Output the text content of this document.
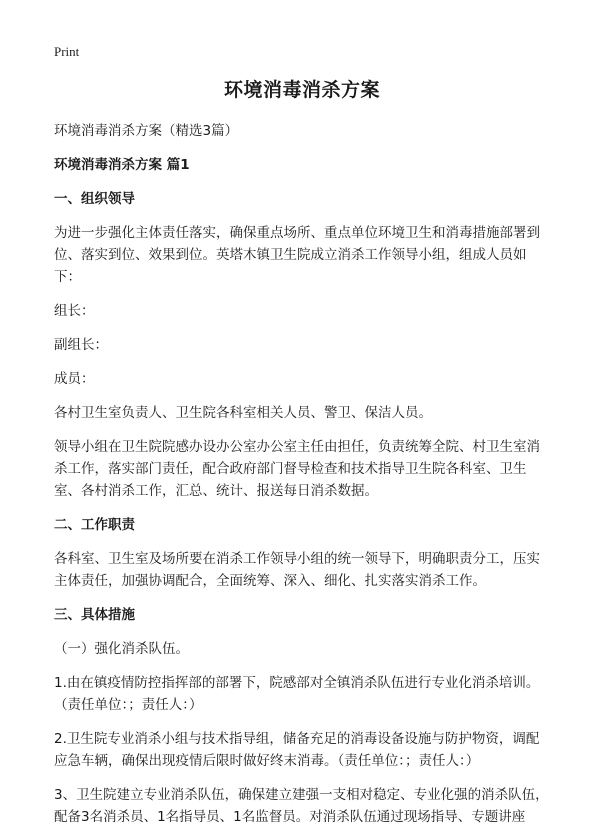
Print
环境消毒消杀方案
环境消毒消杀方案（精选3篇）
环境消毒消杀方案 篇1
一、组织领导
为进一步强化主体责任落实，确保重点场所、重点单位环境卫生和消毒措施部署到位、落实到位、效果到位。英塔木镇卫生院成立消杀工作领导小组，组成人员如下：
组长：
副组长：
成员：
各村卫生室负责人、卫生院各科室相关人员、警卫、保洁人员。
领导小组在卫生院院感办设办公室办公室主任由担任，负责统筹全院、村卫生室消杀工作，落实部门责任，配合政府部门督导检查和技术指导卫生院各科室、卫生室、各村消杀工作，汇总、统计、报送每日消杀数据。
二、工作职责
各科室、卫生室及场所要在消杀工作领导小组的统一领导下，明确职责分工，压实主体责任，加强协调配合，全面统筹、深入、细化、扎实落实消杀工作。
三、具体措施
（一）强化消杀队伍。
1.由在镇疫情防控指挥部的部署下，院感部对全镇消杀队伍进行专业化消杀培训。（责任单位：；责任人：）
2.卫生院专业消杀小组与技术指导组，储备充足的消毒设备设施与防护物资，调配应急车辆，确保出现疫情后限时做好终末消毒。（责任单位：；责任人：）
3、卫生院建立专业消杀队伍，确保建立建强一支相对稳定、专业化强的消杀队伍，配备3名消杀员、1名指导员、1名监督员。对消杀队伍通过现场指导、专题讲座
